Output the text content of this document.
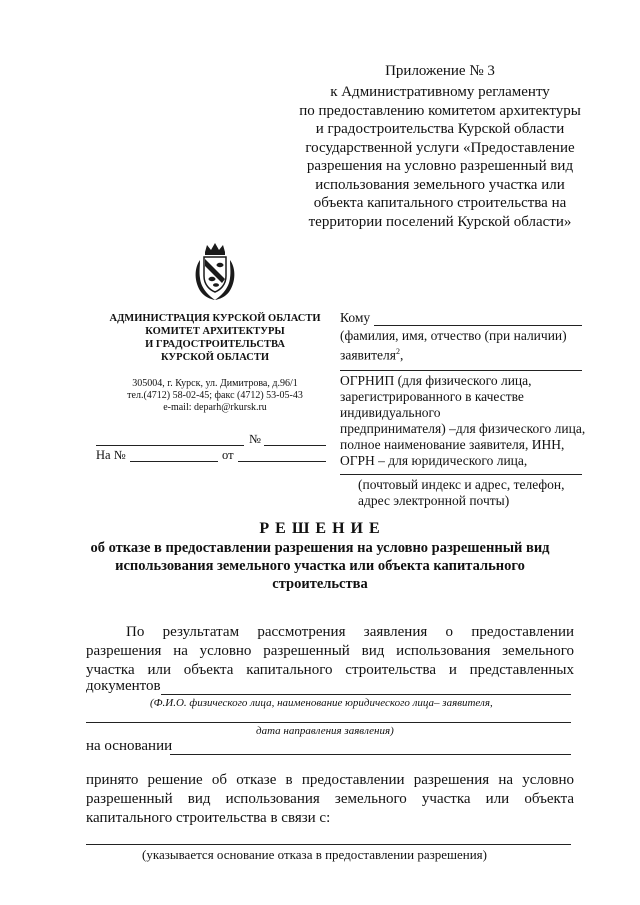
Приложение № 3
к Административному регламенту
по предоставлению комитетом архитектуры
и градостроительства Курской области
государственной услуги «Предоставление
разрешения на условно разрешенный вид
использования земельного участка или
объекта капитального строительства на
территории поселений Курской области»
АДМИНИСТРАЦИЯ КУРСКОЙ ОБЛАСТИ
КОМИТЕТ АРХИТЕКТУРЫ
И ГРАДОСТРОИТЕЛЬСТВА
КУРСКОЙ ОБЛАСТИ
305004, г. Курск, ул. Димитрова, д.96/1
тел.(4712) 58-02-45; факс (4712) 53-05-43
e-mail: deparh@rkursk.ru
№
На №	от
Кому
(фамилия, имя, отчество (при наличии)
заявителя$^2$,
ОГРНИП (для физического лица,
зарегистрированного в качестве
индивидуального
предпринимателя) –для физического лица,
полное наименование заявителя, ИНН,
ОГРН – для юридического лица,
(почтовый индекс и адрес, телефон,
адрес электронной почты)
Р Е Ш Е Н И Е
об отказе в предоставлении разрешения на условно разрешенный вид
использования земельного участка или объекта капитального
строительства
По результатам рассмотрения заявления о предоставлении
разрешения на условно разрешенный вид использования земельного
участка или объекта капитального строительства и представленных
документов
(Ф.И.О. физического лица, наименование юридического лица– заявителя,
дата направления заявления)
на основании
принято решение об отказе в предоставлении разрешения на условно
разрешенный вид использования земельного участка или объекта
капитального строительства в связи с:
(указывается основание отказа в предоставлении разрешения)
